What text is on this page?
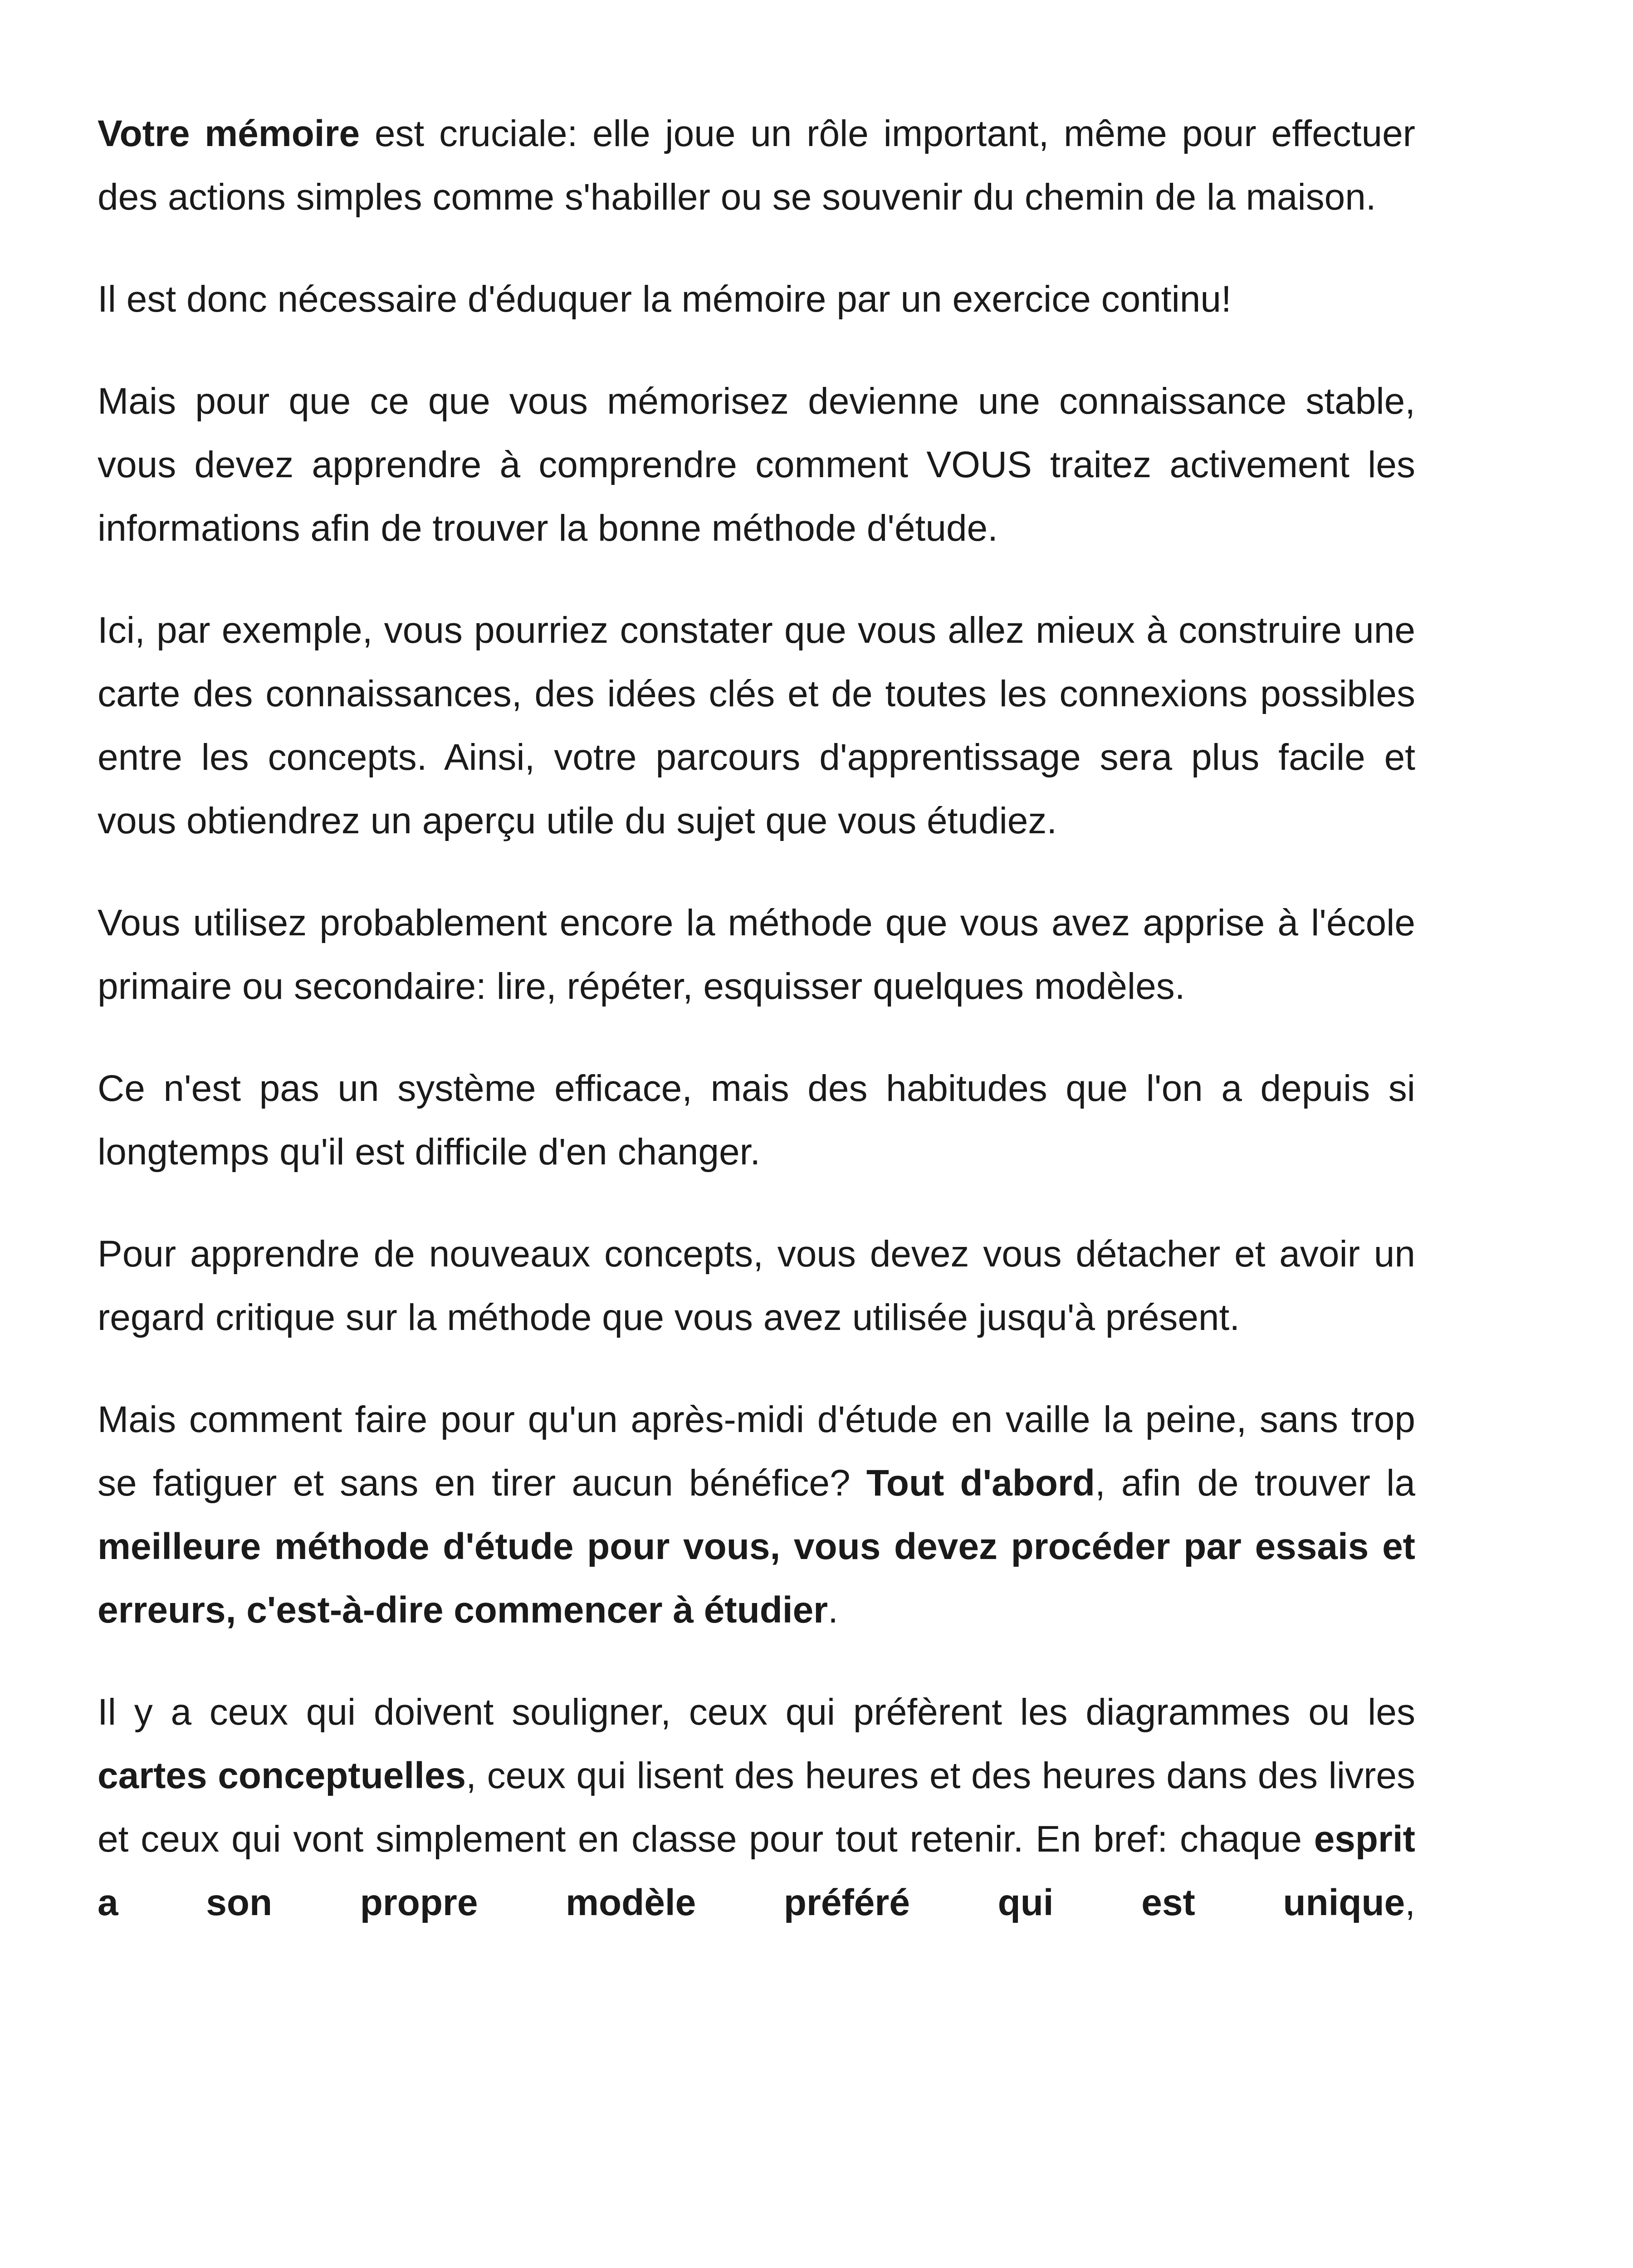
Votre mémoire est cruciale: elle joue un rôle important, même pour effectuer des actions simples comme s'habiller ou se souvenir du chemin de la maison.

Il est donc nécessaire d'éduquer la mémoire par un exercice continu!

Mais pour que ce que vous mémorisez devienne une connaissance stable, vous devez apprendre à comprendre comment VOUS traitez activement les informations afin de trouver la bonne méthode d'étude.

Ici, par exemple, vous pourriez constater que vous allez mieux à construire une carte des connaissances, des idées clés et de toutes les connexions possibles entre les concepts. Ainsi, votre parcours d'apprentissage sera plus facile et vous obtiendrez un aperçu utile du sujet que vous étudiez.

Vous utilisez probablement encore la méthode que vous avez apprise à l'école primaire ou secondaire: lire, répéter, esquisser quelques modèles.

Ce n'est pas un système efficace, mais des habitudes que l'on a depuis si longtemps qu'il est difficile d'en changer.

Pour apprendre de nouveaux concepts, vous devez vous détacher et avoir un regard critique sur la méthode que vous avez utilisée jusqu'à présent.

Mais comment faire pour qu'un après-midi d'étude en vaille la peine, sans trop se fatiguer et sans en tirer aucun bénéfice? Tout d'abord, afin de trouver la meilleure méthode d'étude pour vous, vous devez procéder par essais et erreurs, c'est-à-dire commencer à étudier.

Il y a ceux qui doivent souligner, ceux qui préfèrent les diagrammes ou les cartes conceptuelles, ceux qui lisent des heures et des heures dans des livres et ceux qui vont simplement en classe pour tout retenir. En bref: chaque esprit a son propre modèle préféré qui est unique,
